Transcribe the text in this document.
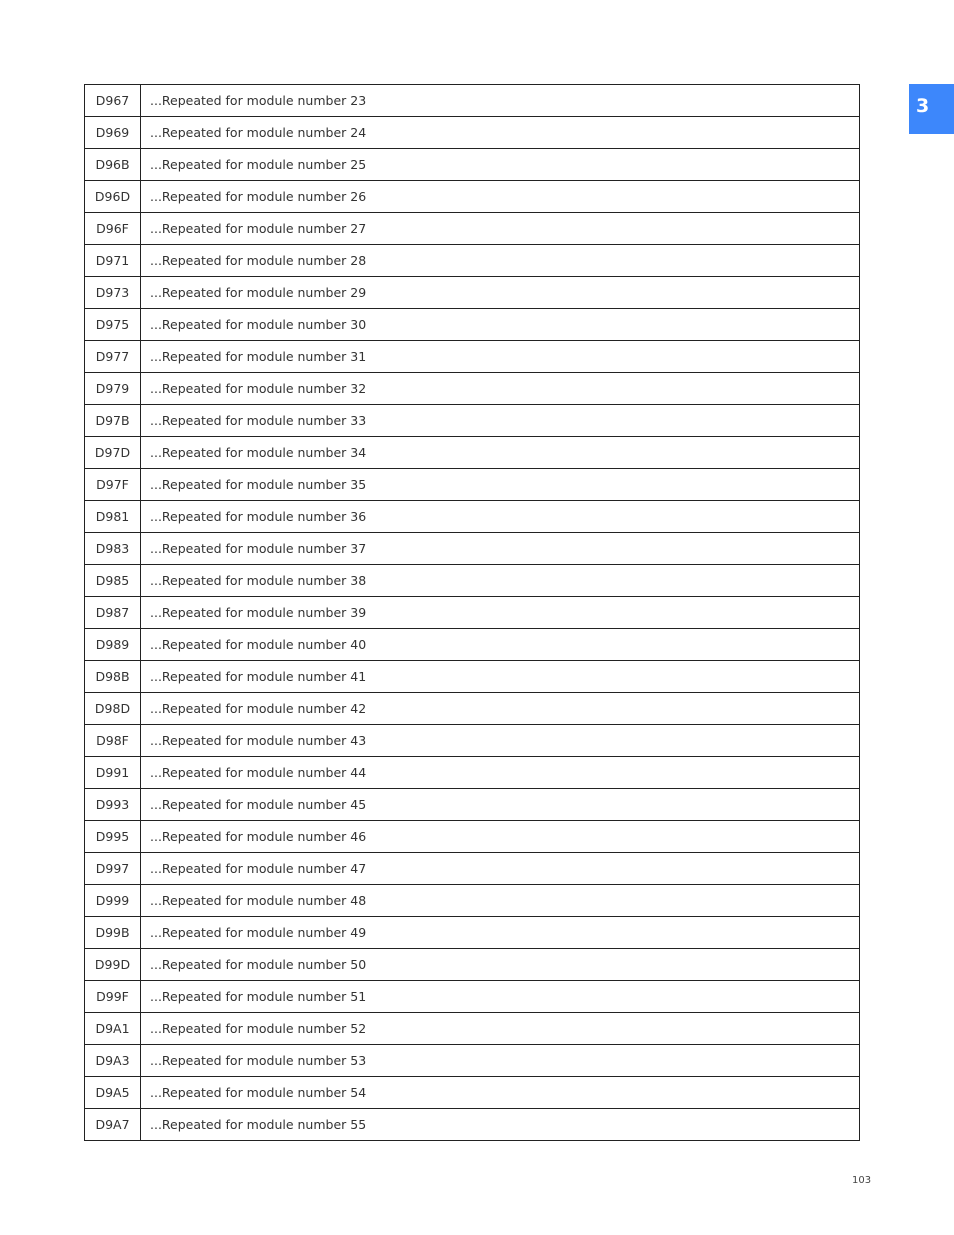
3
D967	...Repeated for module number 23
D969	...Repeated for module number 24
D96B	...Repeated for module number 25
D96D	...Repeated for module number 26
D96F	...Repeated for module number 27
D971	...Repeated for module number 28
D973	...Repeated for module number 29
D975	...Repeated for module number 30
D977	...Repeated for module number 31
D979	...Repeated for module number 32
D97B	...Repeated for module number 33
D97D	...Repeated for module number 34
D97F	...Repeated for module number 35
D981	...Repeated for module number 36
D983	...Repeated for module number 37
D985	...Repeated for module number 38
D987	...Repeated for module number 39
D989	...Repeated for module number 40
D98B	...Repeated for module number 41
D98D	...Repeated for module number 42
D98F	...Repeated for module number 43
D991	...Repeated for module number 44
D993	...Repeated for module number 45
D995	...Repeated for module number 46
D997	...Repeated for module number 47
D999	...Repeated for module number 48
D99B	...Repeated for module number 49
D99D	...Repeated for module number 50
D99F	...Repeated for module number 51
D9A1	...Repeated for module number 52
D9A3	...Repeated for module number 53
D9A5	...Repeated for module number 54
D9A7	...Repeated for module number 55
103
